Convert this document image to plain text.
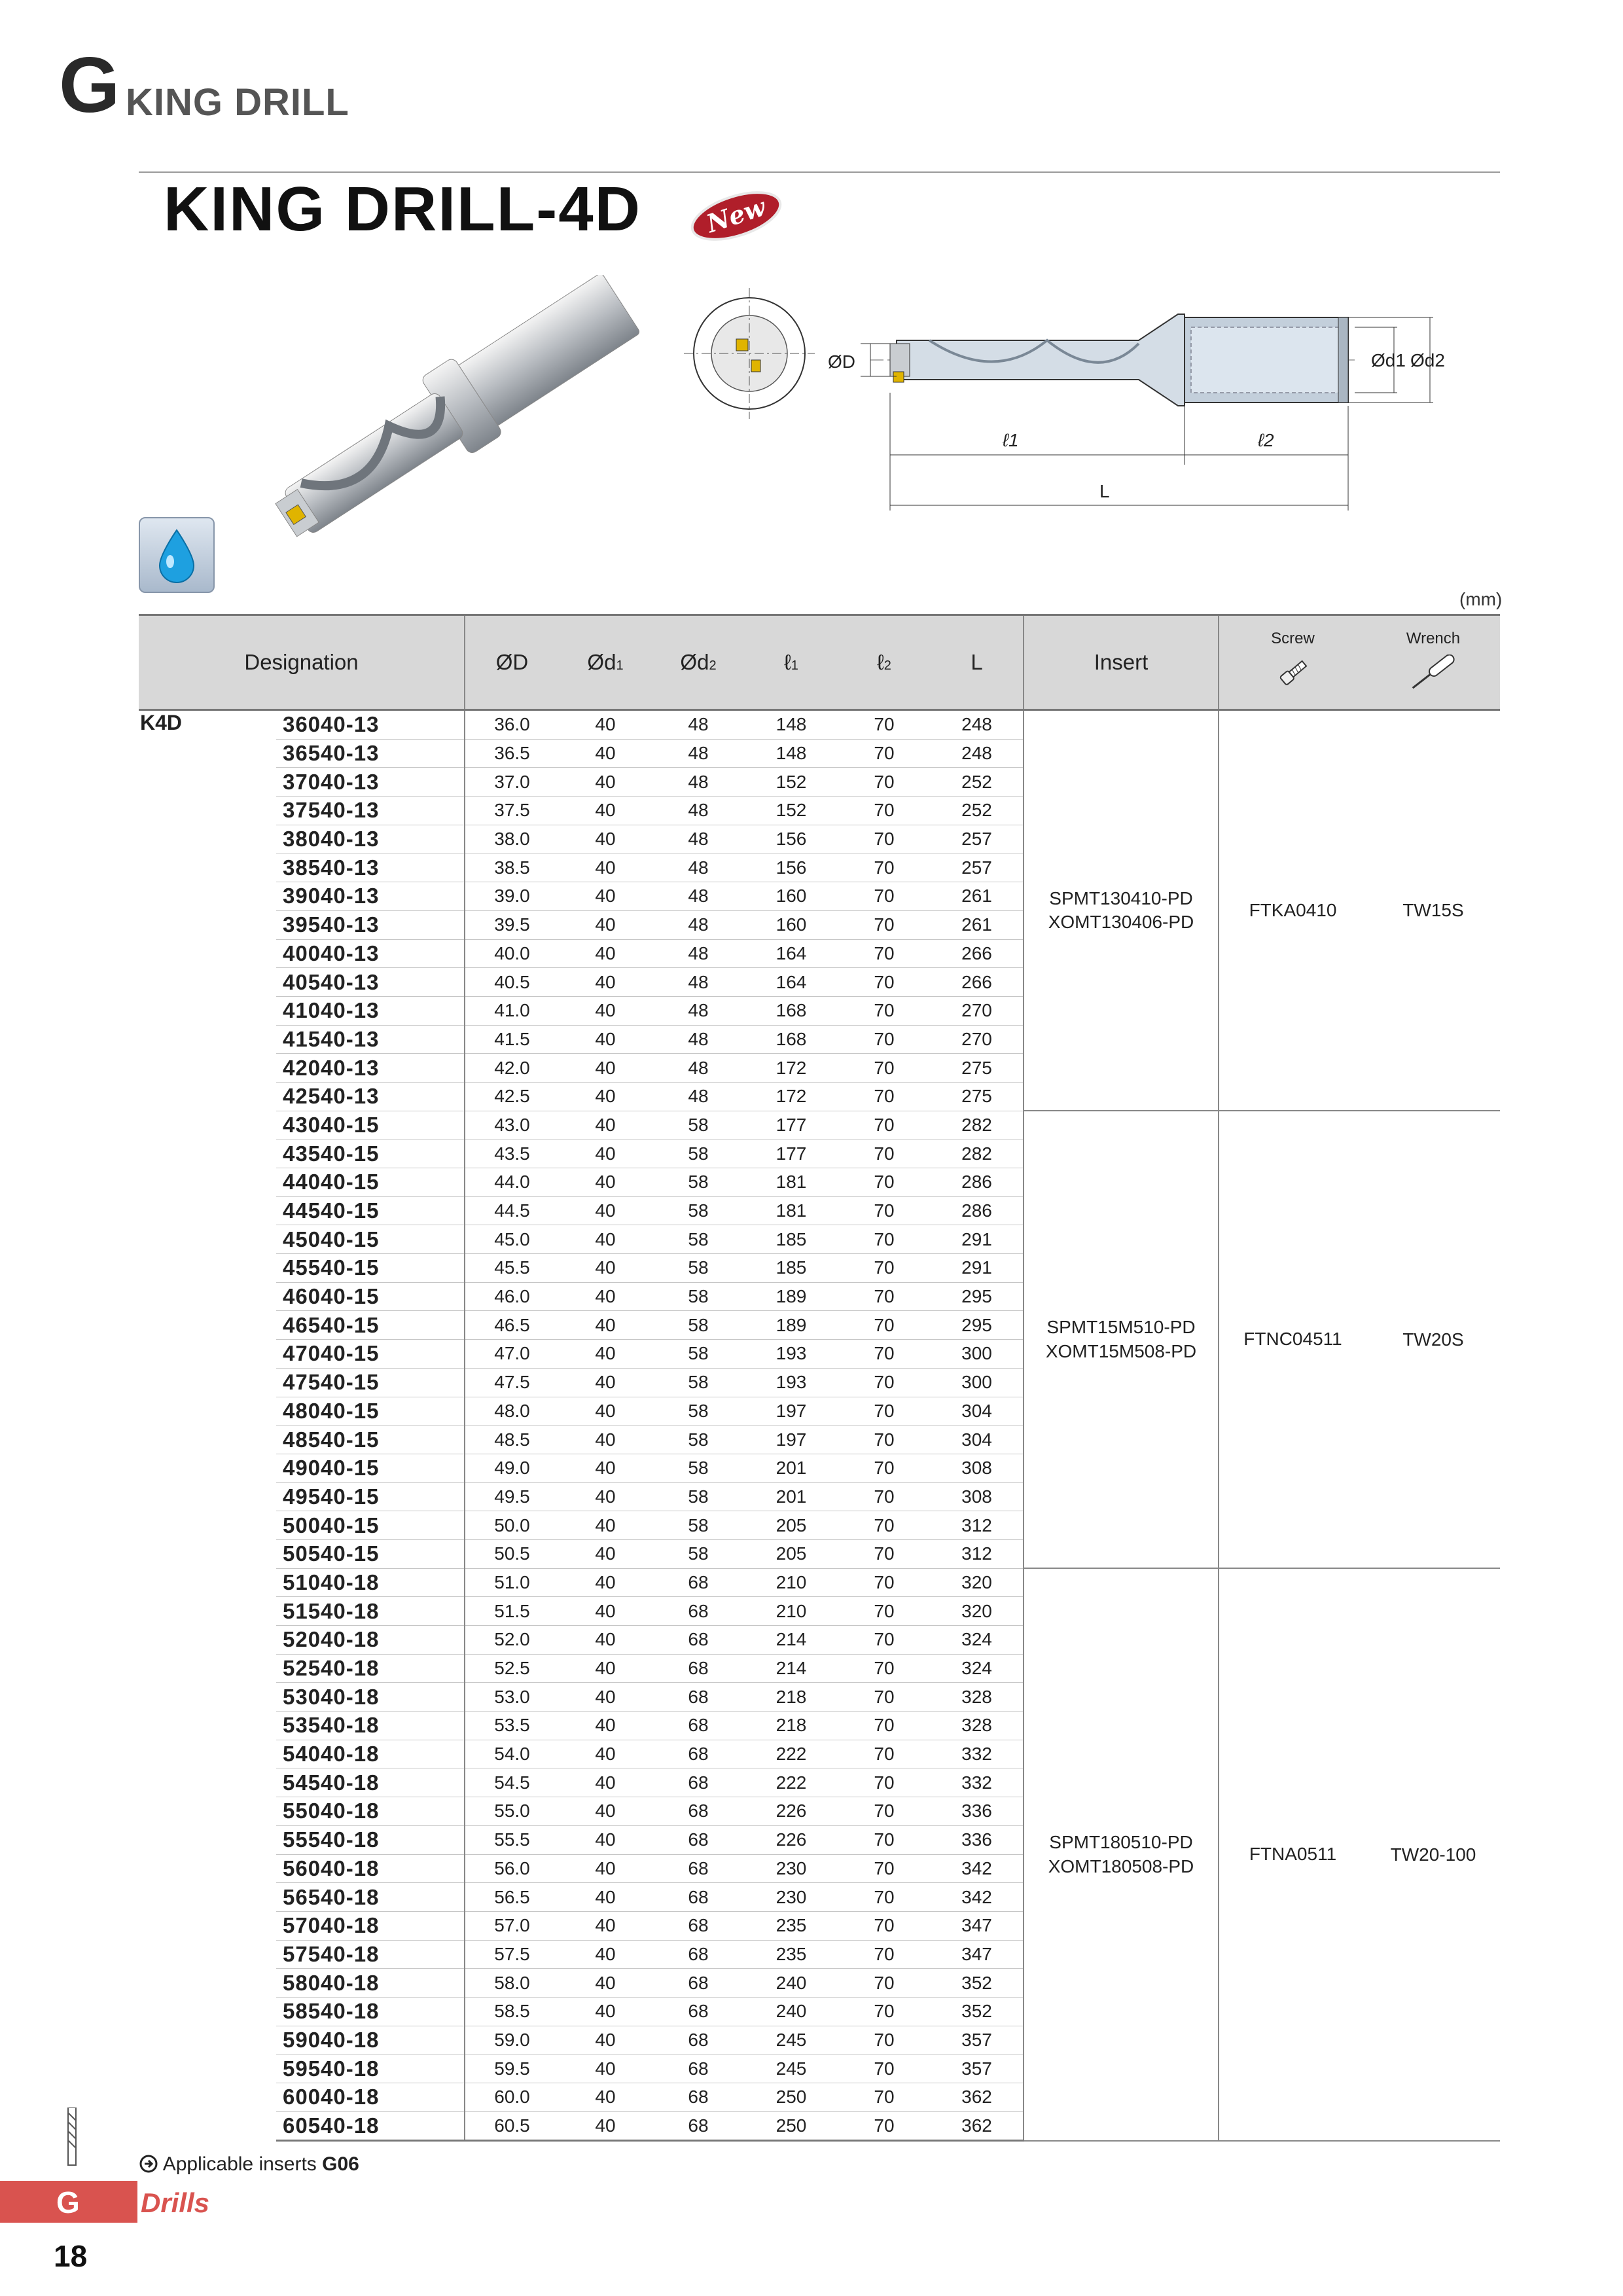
G KING DRILL
KING DRILL-4D New
Ød1 Ød2
ØD
ℓ1	ℓ2
L
(mm)
Designation		ØD	Ød1	Ød2	ℓ1	ℓ2	L	Insert	Screw	Wrench

K4D	36040-13	36.0	40	48	148	70	248	SPMT130410-PD
XOMT130406-PD	FTKA0410	TW15S
	36540-13	36.5	40	48	148	70	248			
	37040-13	37.0	40	48	152	70	252			
	37540-13	37.5	40	48	152	70	252			
	38040-13	38.0	40	48	156	70	257			
	38540-13	38.5	40	48	156	70	257			
	39040-13	39.0	40	48	160	70	261			
	39540-13	39.5	40	48	160	70	261			
	40040-13	40.0	40	48	164	70	266			
	40540-13	40.5	40	48	164	70	266			
	41040-13	41.0	40	48	168	70	270			
	41540-13	41.5	40	48	168	70	270			
	42040-13	42.0	40	48	172	70	275			
	42540-13	42.5	40	48	172	70	275			
	43040-15	43.0	40	58	177	70	282	SPMT15M510-PD
XOMT15M508-PD	FTNC04511	TW20S
	43540-15	43.5	40	58	177	70	282			
	44040-15	44.0	40	58	181	70	286			
	44540-15	44.5	40	58	181	70	286			
	45040-15	45.0	40	58	185	70	291			
	45540-15	45.5	40	58	185	70	291			
	46040-15	46.0	40	58	189	70	295			
	46540-15	46.5	40	58	189	70	295			
	47040-15	47.0	40	58	193	70	300			
	47540-15	47.5	40	58	193	70	300			
	48040-15	48.0	40	58	197	70	304			
	48540-15	48.5	40	58	197	70	304			
	49040-15	49.0	40	58	201	70	308			
	49540-15	49.5	40	58	201	70	308			
	50040-15	50.0	40	58	205	70	312			
	50540-15	50.5	40	58	205	70	312			
	51040-18	51.0	40	68	210	70	320	SPMT180510-PD
XOMT180508-PD	FTNA0511	TW20-100
	51540-18	51.5	40	68	210	70	320			
	52040-18	52.0	40	68	214	70	324			
	52540-18	52.5	40	68	214	70	324			
	53040-18	53.0	40	68	218	70	328			
	53540-18	53.5	40	68	218	70	328			
	54040-18	54.0	40	68	222	70	332			
	54540-18	54.5	40	68	222	70	332			
	55040-18	55.0	40	68	226	70	336			
	55540-18	55.5	40	68	226	70	336			
	56040-18	56.0	40	68	230	70	342			
	56540-18	56.5	40	68	230	70	342			
	57040-18	57.0	40	68	235	70	347			
	57540-18	57.5	40	68	235	70	347			
	58040-18	58.0	40	68	240	70	352			
	58540-18	58.5	40	68	240	70	352			
	59040-18	59.0	40	68	245	70	357			
	59540-18	59.5	40	68	245	70	357			
	60040-18	60.0	40	68	250	70	362			
	60540-18	60.5	40	68	250	70	362			
Applicable inserts G06
G Drills
18
